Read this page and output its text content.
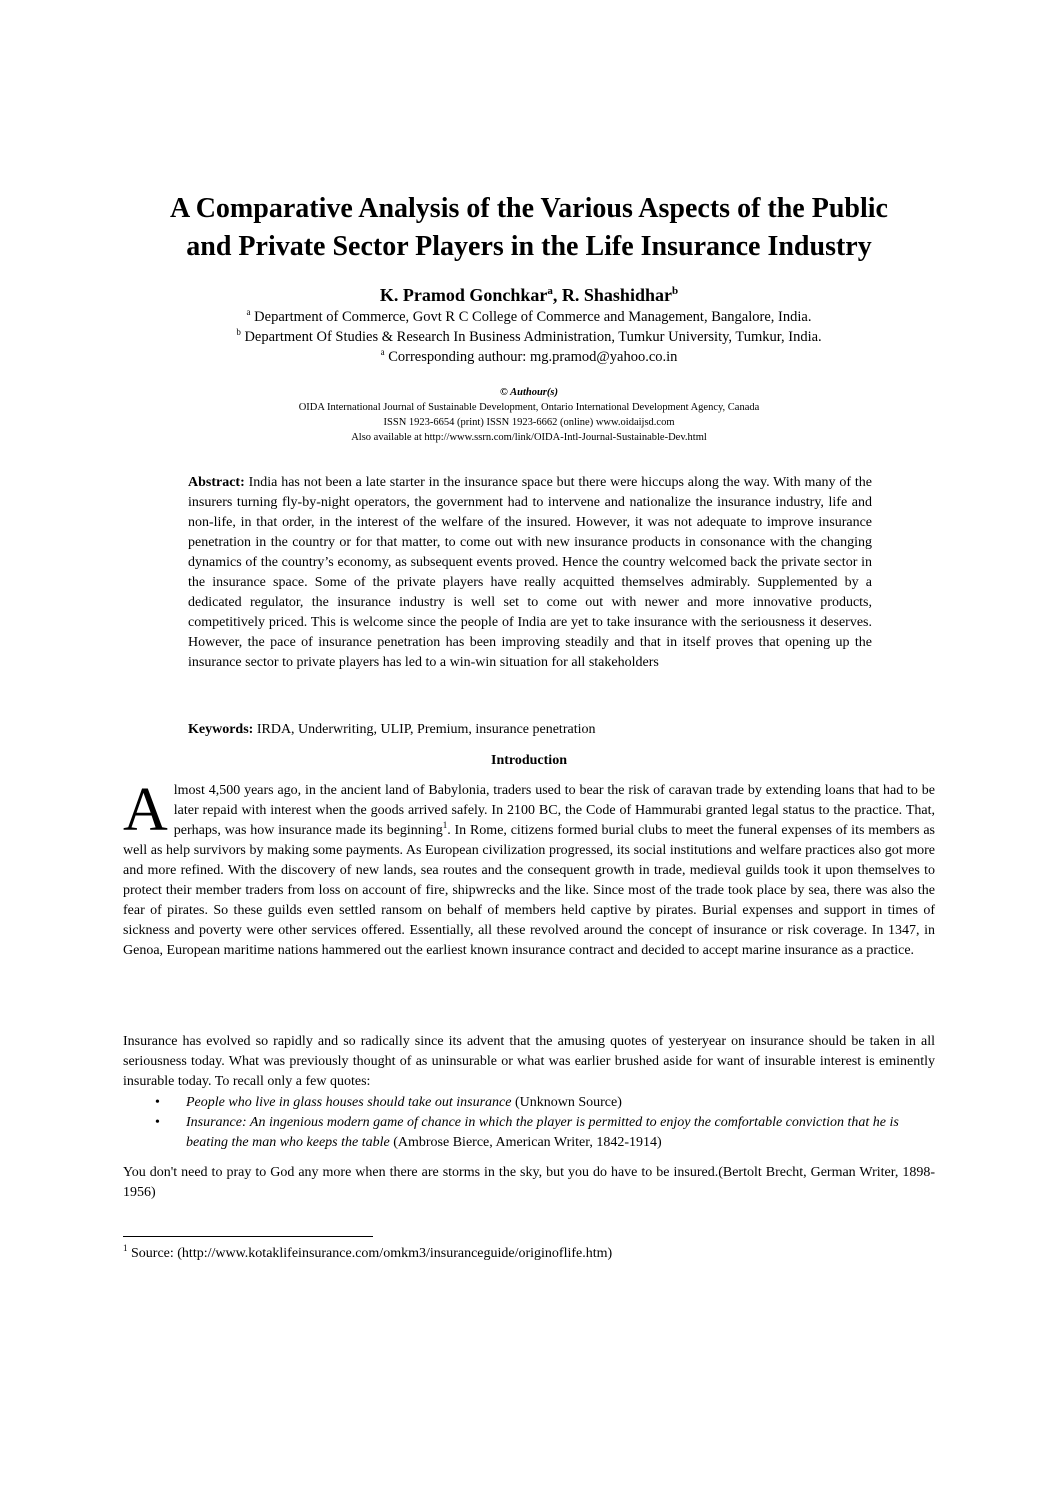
A Comparative Analysis of the Various Aspects of the Public
and Private Sector Players in the Life Insurance Industry
K. Pramod Gonchkar$^a$, R. Shashidhar$^b$
$^a$ Department of Commerce, Govt R C College of Commerce and Management, Bangalore, India.
$^b$ Department Of Studies & Research In Business Administration, Tumkur University, Tumkur, India.
$^a$ Corresponding authour: mg.pramod@yahoo.co.in
© Authour(s)
OIDA International Journal of Sustainable Development, Ontario International Development Agency, Canada
ISSN 1923-6654 (print) ISSN 1923-6662 (online) www.oidaijsd.com
Also available at http://www.ssrn.com/link/OIDA-Intl-Journal-Sustainable-Dev.html
Abstract: India has not been a late starter in the insurance space but there were hiccups along the way. With many of the insurers turning fly-by-night operators, the government had to intervene and nationalize the insurance industry, life and non-life, in that order, in the interest of the welfare of the insured. However, it was not adequate to improve insurance penetration in the country or for that matter, to come out with new insurance products in consonance with the changing dynamics of the country’s economy, as subsequent events proved. Hence the country welcomed back the private sector in the insurance space. Some of the private players have really acquitted themselves admirably. Supplemented by a dedicated regulator, the insurance industry is well set to come out with newer and more innovative products, competitively priced. This is welcome since the people of India are yet to take insurance with the seriousness it deserves. However, the pace of insurance penetration has been improving steadily and that in itself proves that opening up the insurance sector to private players has led to a win-win situation for all stakeholders
Keywords: IRDA, Underwriting, ULIP, Premium, insurance penetration
Introduction
Almost 4,500 years ago, in the ancient land of Babylonia, traders used to bear the risk of caravan trade by extending loans that had to be later repaid with interest when the goods arrived safely. In 2100 BC, the Code of Hammurabi granted legal status to the practice. That, perhaps, was how insurance made its beginning$^1$. In Rome, citizens formed burial clubs to meet the funeral expenses of its members as well as help survivors by making some payments. As European civilization progressed, its social institutions and welfare practices also got more and more refined. With the discovery of new lands, sea routes and the consequent growth in trade, medieval guilds took it upon themselves to protect their member traders from loss on account of fire, shipwrecks and the like. Since most of the trade took place by sea, there was also the fear of pirates. So these guilds even settled ransom on behalf of members held captive by pirates. Burial expenses and support in times of sickness and poverty were other services offered. Essentially, all these revolved around the concept of insurance or risk coverage. In 1347, in Genoa, European maritime nations hammered out the earliest known insurance contract and decided to accept marine insurance as a practice.
Insurance has evolved so rapidly and so radically since its advent that the amusing quotes of yesteryear on insurance should be taken in all seriousness today. What was previously thought of as uninsurable or what was earlier brushed aside for want of insurable interest is eminently insurable today. To recall only a few quotes:
• People who live in glass houses should take out insurance (Unknown Source)
• Insurance: An ingenious modern game of chance in which the player is permitted to enjoy the comfortable conviction that he is beating the man who keeps the table (Ambrose Bierce, American Writer, 1842-1914)
You don't need to pray to God any more when there are storms in the sky, but you do have to be insured.(Bertolt Brecht, German Writer, 1898-1956)
$^1$ Source: (http://www.kotaklifeinsurance.com/omkm3/insuranceguide/originoflife.htm)
